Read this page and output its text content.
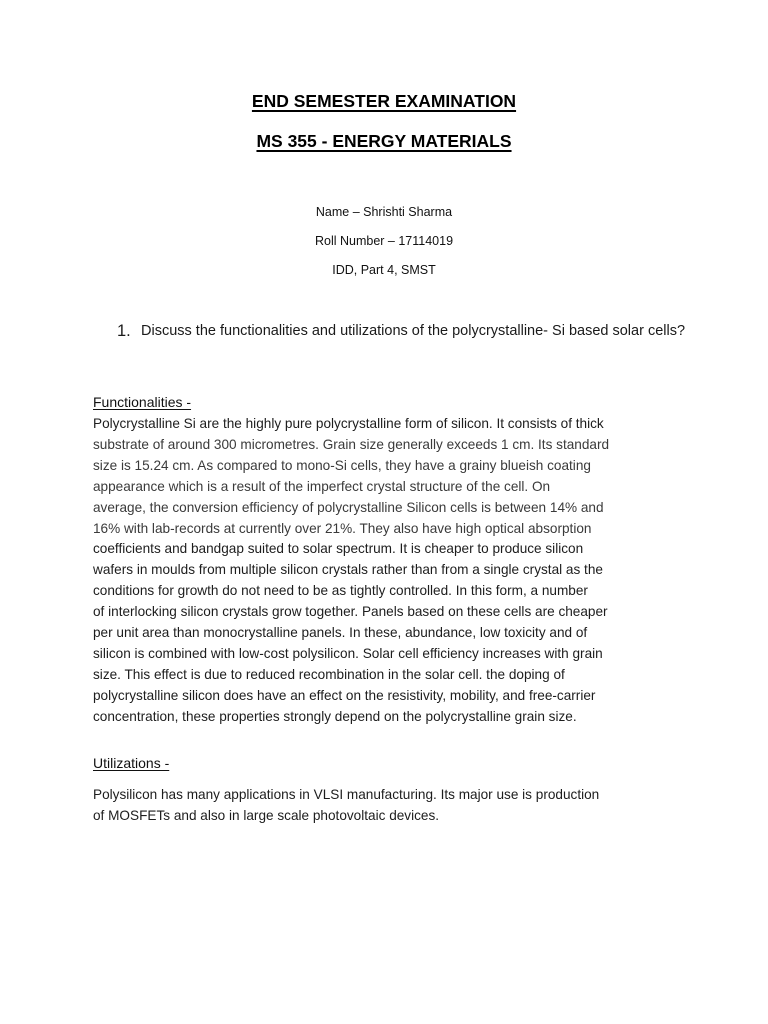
END SEMESTER EXAMINATION
MS 355 - ENERGY MATERIALS

Name – Shrishti Sharma

Roll Number – 17114019

IDD, Part 4, SMST

1. Discuss the functionalities and utilizations of the polycrystalline- Si based solar cells?

Functionalities -

Polycrystalline Si are the highly pure polycrystalline form of silicon. It consists of thick
substrate of around 300 micrometres. Grain size generally exceeds 1 cm. Its standard
size is 15.24 cm. As compared to mono-Si cells, they have a grainy blueish coating
appearance which is a result of the imperfect crystal structure of the cell. On
average, the conversion efficiency of polycrystalline Silicon cells is between 14% and
16% with lab-records at currently over 21%. They also have high optical absorption
coefficients and bandgap suited to solar spectrum. It is cheaper to produce silicon
wafers in moulds from multiple silicon crystals rather than from a single crystal as the
conditions for growth do not need to be as tightly controlled. In this form, a number
of interlocking silicon crystals grow together. Panels based on these cells are cheaper
per unit area than monocrystalline panels. In these, abundance, low toxicity and of
silicon is combined with low-cost polysilicon. Solar cell efficiency increases with grain
size. This effect is due to reduced recombination in the solar cell. the doping of
polycrystalline silicon does have an effect on the resistivity, mobility, and free-carrier
concentration, these properties strongly depend on the polycrystalline grain size.

Utilizations -

Polysilicon has many applications in VLSI manufacturing. Its major use is production
of MOSFETs and also in large scale photovoltaic devices.
